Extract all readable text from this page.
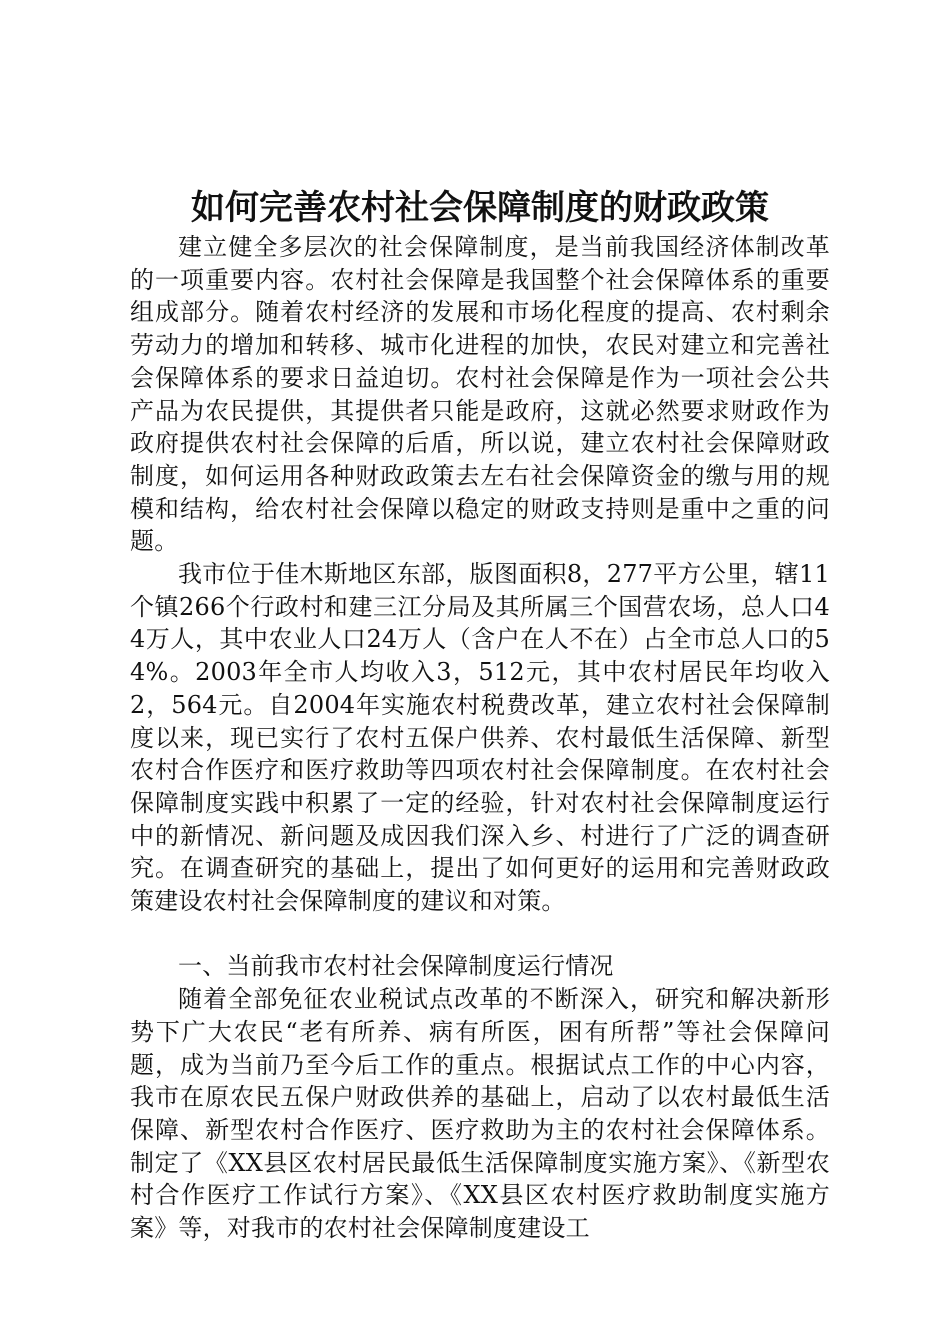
如何完善农村社会保障制度的财政政策

建立健全多层次的社会保障制度，是当前我国经济体制改革的一项重要内容。农村社会保障是我国整个社会保障体系的重要组成部分。随着农村经济的发展和市场化程度的提高、农村剩余劳动力的增加和转移、城市化进程的加快，农民对建立和完善社会保障体系的要求日益迫切。农村社会保障是作为一项社会公共产品为农民提供，其提供者只能是政府，这就必然要求财政作为政府提供农村社会保障的后盾，所以说，建立农村社会保障财政制度，如何运用各种财政政策去左右社会保障资金的缴与用的规模和结构，给农村社会保障以稳定的财政支持则是重中之重的问题。

我市位于佳木斯地区东部，版图面积8，277平方公里，辖11个镇266个行政村和建三江分局及其所属三个国营农场，总人口44万人，其中农业人口24万人（含户在人不在）占全市总人口的54%。2003年全市人均收入3，512元，其中农村居民年均收入2，564元。自2004年实施农村税费改革，建立农村社会保障制度以来，现已实行了农村五保户供养、农村最低生活保障、新型农村合作医疗和医疗救助等四项农村社会保障制度。在农村社会保障制度实践中积累了一定的经验，针对农村社会保障制度运行中的新情况、新问题及成因我们深入乡、村进行了广泛的调查研究。在调查研究的基础上，提出了如何更好的运用和完善财政政策建设农村社会保障制度的建议和对策。

一、当前我市农村社会保障制度运行情况

随着全部免征农业税试点改革的不断深入，研究和解决新形势下广大农民“老有所养、病有所医，困有所帮”等社会保障问题，成为当前乃至今后工作的重点。根据试点工作的中心内容，我市在原农民五保户财政供养的基础上，启动了以农村最低生活保障、新型农村合作医疗、医疗救助为主的农村社会保障体系。制定了《XX县区农村居民最低生活保障制度实施方案》、《新型农村合作医疗工作试行方案》、《XX县区农村医疗救助制度实施方案》等，对我市的农村社会保障制度建设工
